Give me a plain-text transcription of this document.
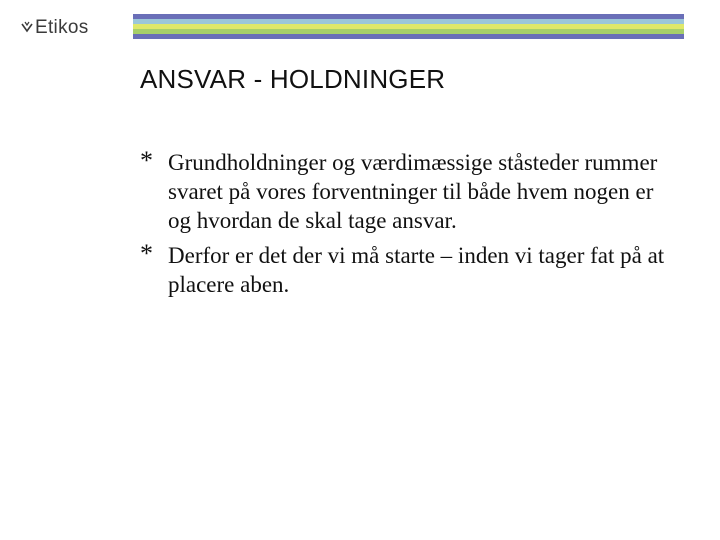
Etikos
ANSVAR - HOLDNINGER
* Grundholdninger og værdimæssige ståsteder rummer svaret på vores forventninger til både hvem nogen er og hvordan de skal tage ansvar.
* Derfor er det der vi må starte – inden vi tager fat på at placere aben.
